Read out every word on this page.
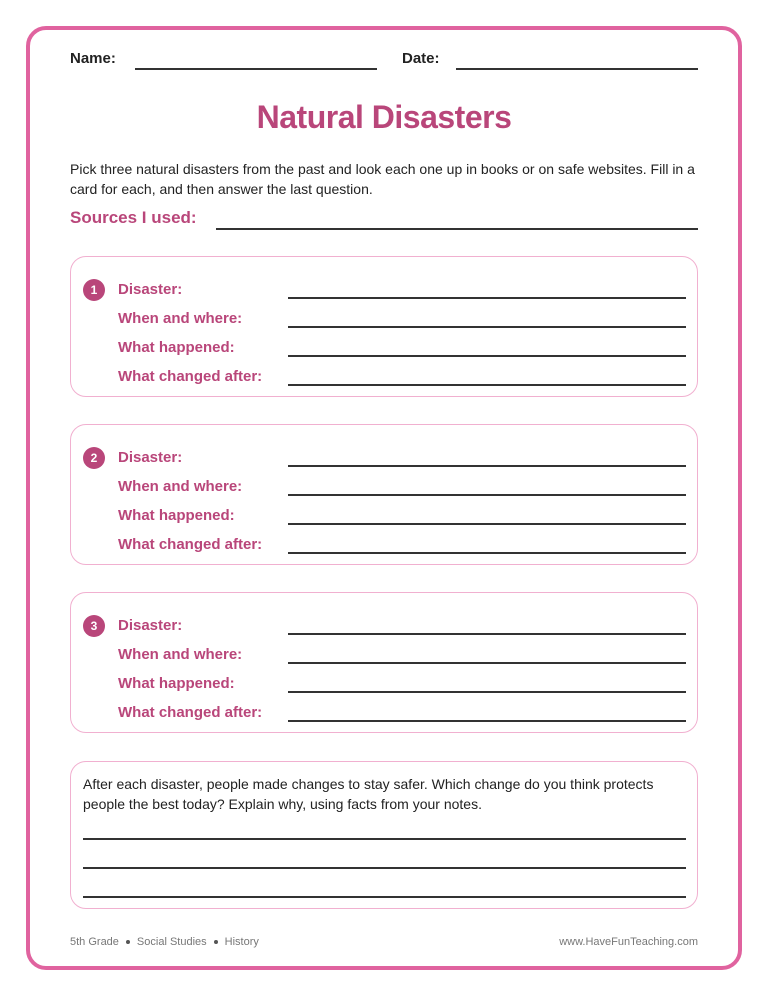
Name:	Date:
Natural Disasters

Pick three natural disasters from the past and look each one up in books or on safe websites. Fill in a card for each, and then answer the last question.

Sources I used:
1	Disaster:
When and where:
What happened:
What changed after:
2	Disaster:
When and where:
What happened:
What changed after:
3	Disaster:
When and where:
What happened:
What changed after:

After each disaster, people made changes to stay safer. Which change do you think protects people the best today? Explain why, using facts from your notes.

5th Grade Social Studies History	www.HaveFunTeaching.com
